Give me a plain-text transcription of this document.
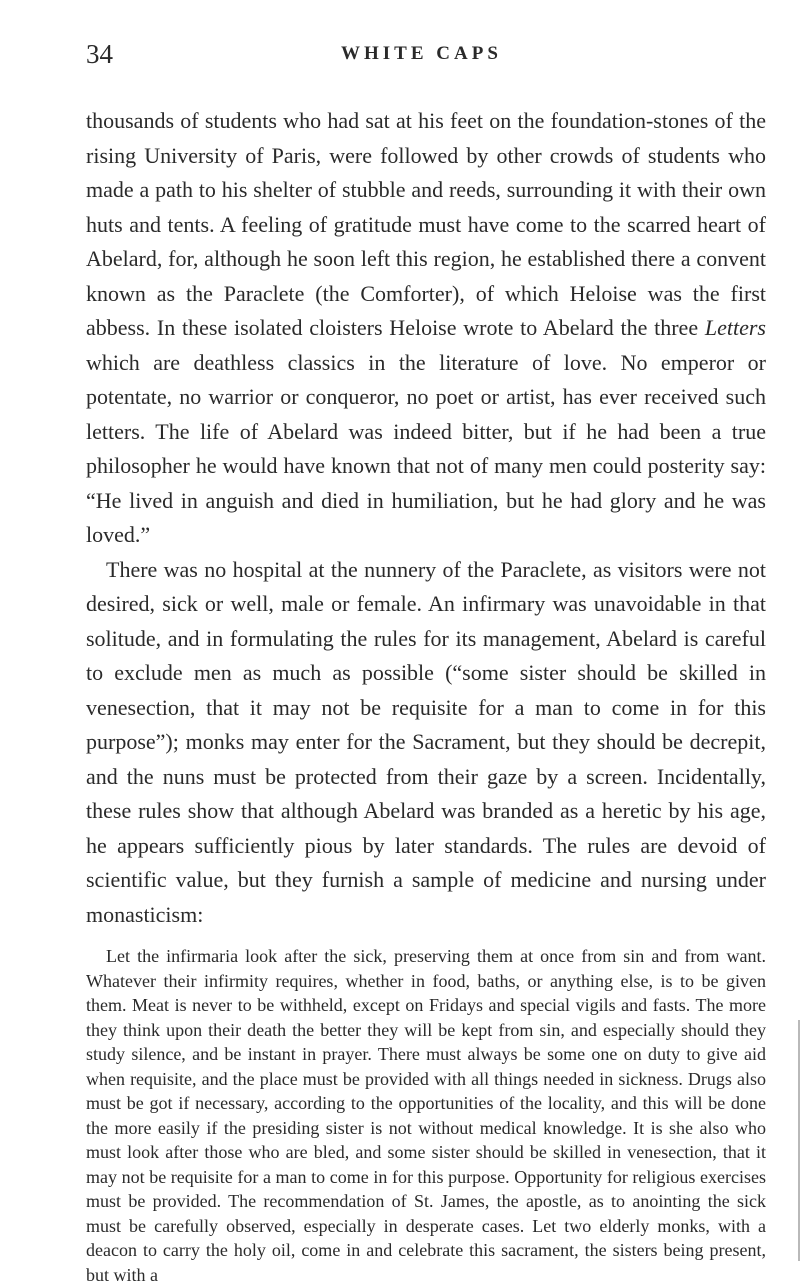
34	WHITE CAPS

thousands of students who had sat at his feet on the foundation-stones of the rising University of Paris, were followed by other crowds of students who made a path to his shelter of stubble and reeds, surrounding it with their own huts and tents. A feeling of gratitude must have come to the scarred heart of Abelard, for, although he soon left this region, he established there a convent known as the Paraclete (the Comforter), of which Heloise was the first abbess. In these isolated cloisters Heloise wrote to Abelard the three Letters which are deathless classics in the literature of love. No emperor or potentate, no warrior or conqueror, no poet or artist, has ever received such letters. The life of Abelard was indeed bitter, but if he had been a true philosopher he would have known that not of many men could posterity say: “He lived in anguish and died in humiliation, but he had glory and he was loved.”

There was no hospital at the nunnery of the Paraclete, as visitors were not desired, sick or well, male or female. An infirmary was unavoidable in that solitude, and in formulating the rules for its management, Abelard is careful to exclude men as much as possible (“some sister should be skilled in venesection, that it may not be requisite for a man to come in for this purpose”); monks may enter for the Sacrament, but they should be decrepit, and the nuns must be protected from their gaze by a screen. Incidentally, these rules show that although Abelard was branded as a heretic by his age, he appears sufficiently pious by later standards. The rules are devoid of scientific value, but they furnish a sample of medicine and nursing under monasticism:

Let the infirmaria look after the sick, preserving them at once from sin and from want. Whatever their infirmity requires, whether in food, baths, or anything else, is to be given them. Meat is never to be withheld, except on Fridays and special vigils and fasts. The more they think upon their death the better they will be kept from sin, and especially should they study silence, and be instant in prayer. There must always be some one on duty to give aid when requisite, and the place must be provided with all things needed in sickness. Drugs also must be got if necessary, according to the opportunities of the locality, and this will be done the more easily if the presiding sister is not without medical knowledge. It is she also who must look after those who are bled, and some sister should be skilled in venesection, that it may not be requisite for a man to come in for this purpose. Opportunity for religious exercises must be provided. The recommendation of St. James, the apostle, as to anointing the sick must be carefully observed, especially in desperate cases. Let two elderly monks, with a deacon to carry the holy oil, come in and celebrate this sacrament, the sisters being present, but with a
